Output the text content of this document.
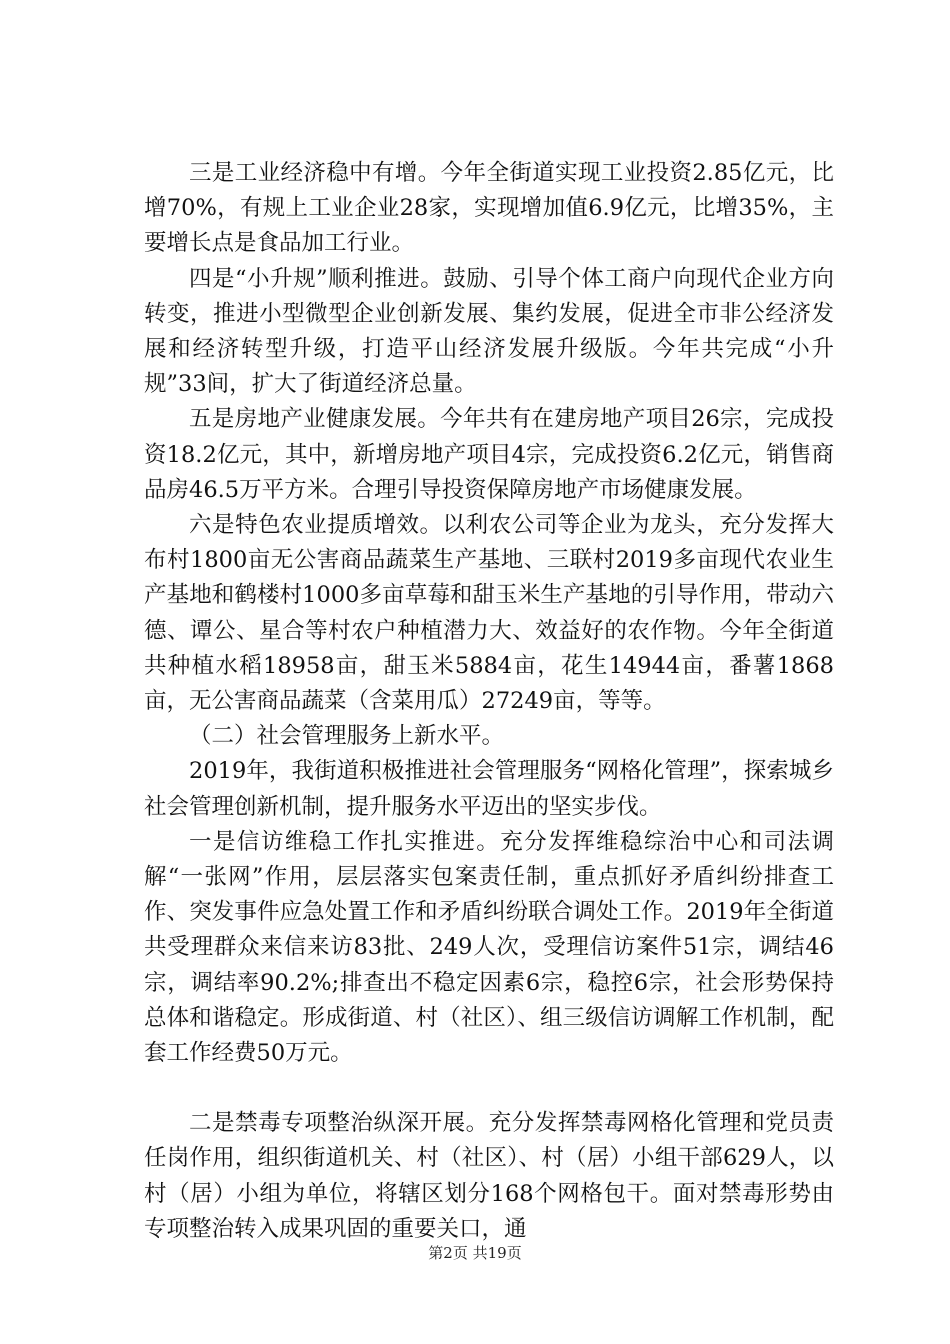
三是工业经济稳中有增。今年全街道实现工业投资2.85亿元，比增70%，有规上工业企业28家，实现增加值6.9亿元，比增35%，主要增长点是食品加工行业。

四是“小升规”顺利推进。鼓励、引导个体工商户向现代企业方向转变，推进小型微型企业创新发展、集约发展，促进全市非公经济发展和经济转型升级，打造平山经济发展升级版。今年共完成“小升规”33间，扩大了街道经济总量。

五是房地产业健康发展。今年共有在建房地产项目26宗，完成投资18.2亿元，其中，新增房地产项目4宗，完成投资6.2亿元，销售商品房46.5万平方米。合理引导投资保障房地产市场健康发展。

六是特色农业提质增效。以利农公司等企业为龙头，充分发挥大布村1800亩无公害商品蔬菜生产基地、三联村2019多亩现代农业生产基地和鹤楼村1000多亩草莓和甜玉米生产基地的引导作用，带动六德、谭公、星合等村农户种植潜力大、效益好的农作物。今年全街道共种植水稻18958亩，甜玉米5884亩，花生14944亩，番薯1868亩，无公害商品蔬菜（含菜用瓜）27249亩，等等。

（二）社会管理服务上新水平。

2019年，我街道积极推进社会管理服务“网格化管理”，探索城乡社会管理创新机制，提升服务水平迈出的坚实步伐。

一是信访维稳工作扎实推进。充分发挥维稳综治中心和司法调解“一张网”作用，层层落实包案责任制，重点抓好矛盾纠纷排查工作、突发事件应急处置工作和矛盾纠纷联合调处工作。2019年全街道共受理群众来信来访83批、249人次，受理信访案件51宗，调结46宗，调结率90.2%;排查出不稳定因素6宗，稳控6宗，社会形势保持总体和谐稳定。形成街道、村（社区）、组三级信访调解工作机制，配套工作经费50万元。

二是禁毒专项整治纵深开展。充分发挥禁毒网格化管理和党员责任岗作用，组织街道机关、村（社区）、村（居）小组干部629人，以村（居）小组为单位，将辖区划分168个网格包干。面对禁毒形势由专项整治转入成果巩固的重要关口，通

第2页 共19页
